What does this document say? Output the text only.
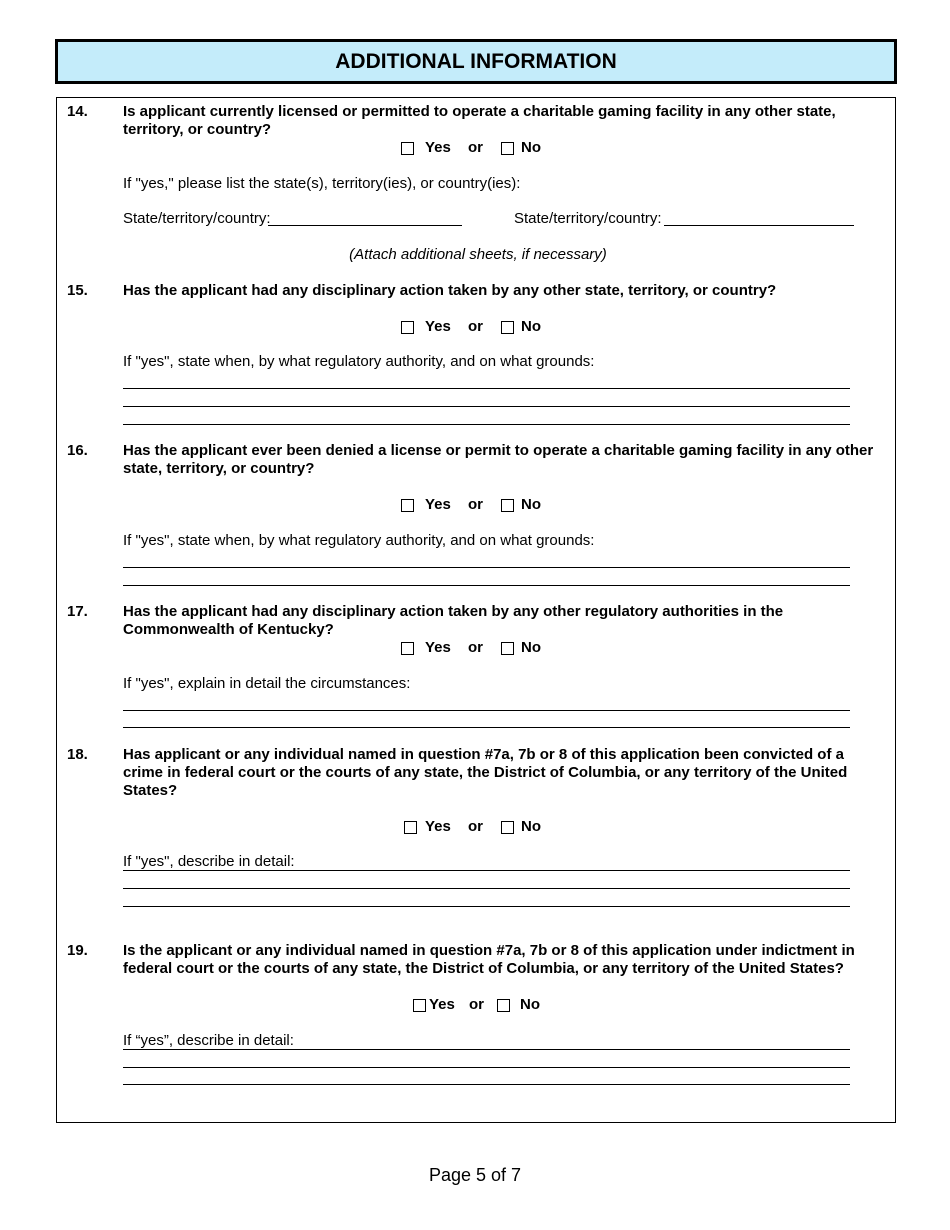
ADDITIONAL INFORMATION
14. Is applicant currently licensed or permitted to operate a charitable gaming facility in any other state, territory, or country?
Yes or	No
If "yes," please list the state(s), territory(ies), or country(ies):
State/territory/country:	State/territory/country:
(Attach additional sheets, if necessary)
15. Has the applicant had any disciplinary action taken by any other state, territory, or country?
Yes or	No
If "yes", state when, by what regulatory authority, and on what grounds:
16. Has the applicant ever been denied a license or permit to operate a charitable gaming facility in any other state, territory, or country?
Yes or	No
If "yes", state when, by what regulatory authority, and on what grounds:
17. Has the applicant had any disciplinary action taken by any other regulatory authorities in the Commonwealth of Kentucky?
Yes or	No
If "yes", explain in detail the circumstances:
18. Has applicant or any individual named in question #7a, 7b or 8 of this application been convicted of a crime in federal court or the courts of any state, the District of Columbia, or any territory of the United States?
Yes or	No
If "yes", describe in detail:
19. Is the applicant or any individual named in question #7a, 7b or 8 of this application under indictment in federal court or the courts of any state, the District of Columbia, or any territory of the United States?
Yes or No
If “yes”, describe in detail:
Page 5 of 7
